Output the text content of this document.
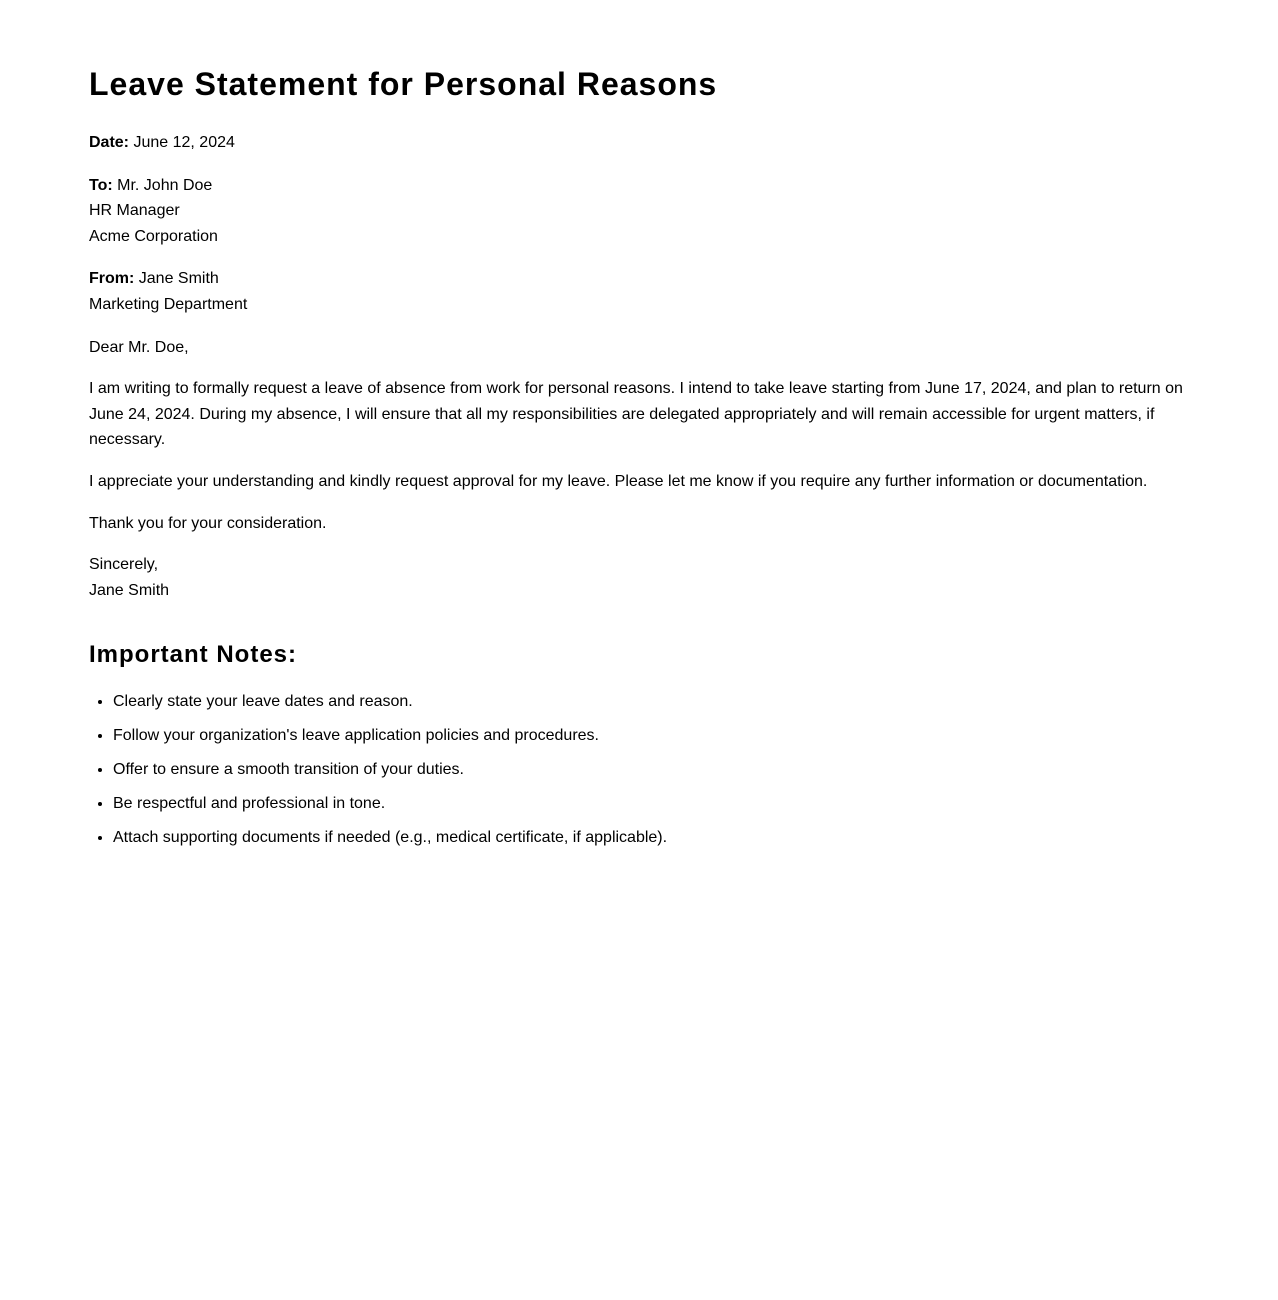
Leave Statement for Personal Reasons
Date: June 12, 2024
To: Mr. John Doe
HR Manager
Acme Corporation
From: Jane Smith
Marketing Department

Dear Mr. Doe,

I am writing to formally request a leave of absence from work for personal reasons. I intend to take leave starting from June 17, 2024, and plan to return on June 24, 2024. During my absence, I will ensure that all my responsibilities are delegated appropriately and will remain accessible for urgent matters, if necessary.

I appreciate your understanding and kindly request approval for my leave. Please let me know if you require any further information or documentation.

Thank you for your consideration.

Sincerely,
Jane Smith
Important Notes:
• Clearly state your leave dates and reason.
• Follow your organization's leave application policies and procedures.
• Offer to ensure a smooth transition of your duties.
• Be respectful and professional in tone.
• Attach supporting documents if needed (e.g., medical certificate, if applicable).
